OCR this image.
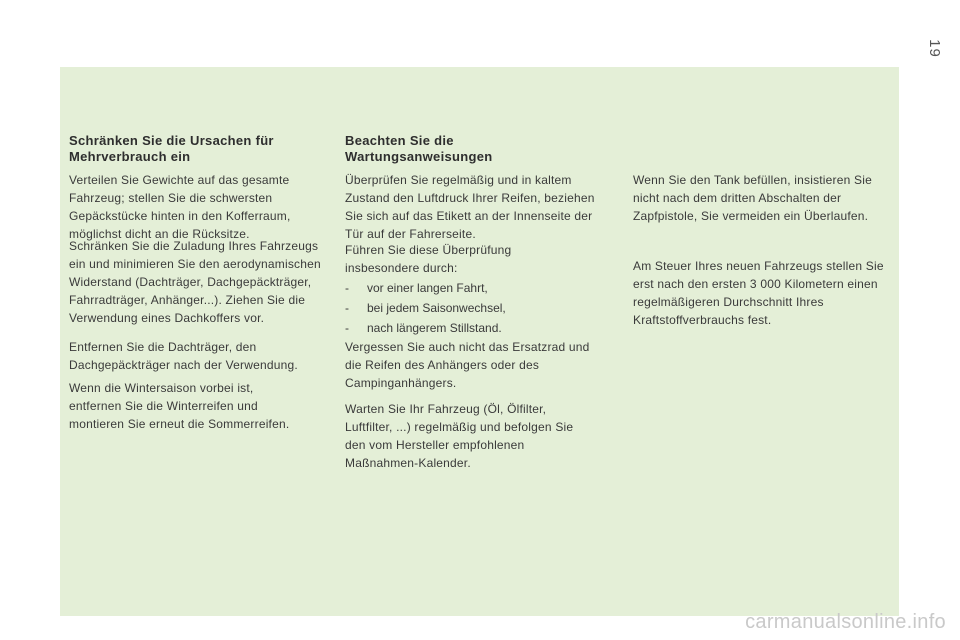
19
Schränken Sie die Ursachen für Mehrverbrauch ein

Verteilen Sie Gewichte auf das gesamte Fahrzeug; stellen Sie die schwersten Gepäckstücke hinten in den Kofferraum, möglichst dicht an die Rücksitze.

Schränken Sie die Zuladung Ihres Fahrzeugs ein und minimieren Sie den aerodynamischen Widerstand (Dachträger, Dachgepäckträger, Fahrradträger, Anhänger...). Ziehen Sie die Verwendung eines Dachkoffers vor.

Entfernen Sie die Dachträger, den Dachgepäckträger nach der Verwendung.

Wenn die Wintersaison vorbei ist, entfernen Sie die Winterreifen und montieren Sie erneut die Sommerreifen.

Beachten Sie die Wartungsanweisungen

Überprüfen Sie regelmäßig und in kaltem Zustand den Luftdruck Ihrer Reifen, beziehen Sie sich auf das Etikett an der Innenseite der Tür auf der Fahrerseite.

Führen Sie diese Überprüfung insbesondere durch:

- vor einer langen Fahrt,
- bei jedem Saisonwechsel,
- nach längerem Stillstand.

Vergessen Sie auch nicht das Ersatzrad und die Reifen des Anhängers oder des Campinganhängers.

Warten Sie Ihr Fahrzeug (Öl, Ölfilter, Luftfilter, ...) regelmäßig und befolgen Sie den vom Hersteller empfohlenen Maßnahmen-Kalender.

Wenn Sie den Tank befüllen, insistieren Sie nicht nach dem dritten Abschalten der Zapfpistole, Sie vermeiden ein Überlaufen.

Am Steuer Ihres neuen Fahrzeugs stellen Sie erst nach den ersten 3 000 Kilometern einen regelmäßigeren Durchschnitt Ihres Kraftstoffverbrauchs fest.

carmanualsonline.info
